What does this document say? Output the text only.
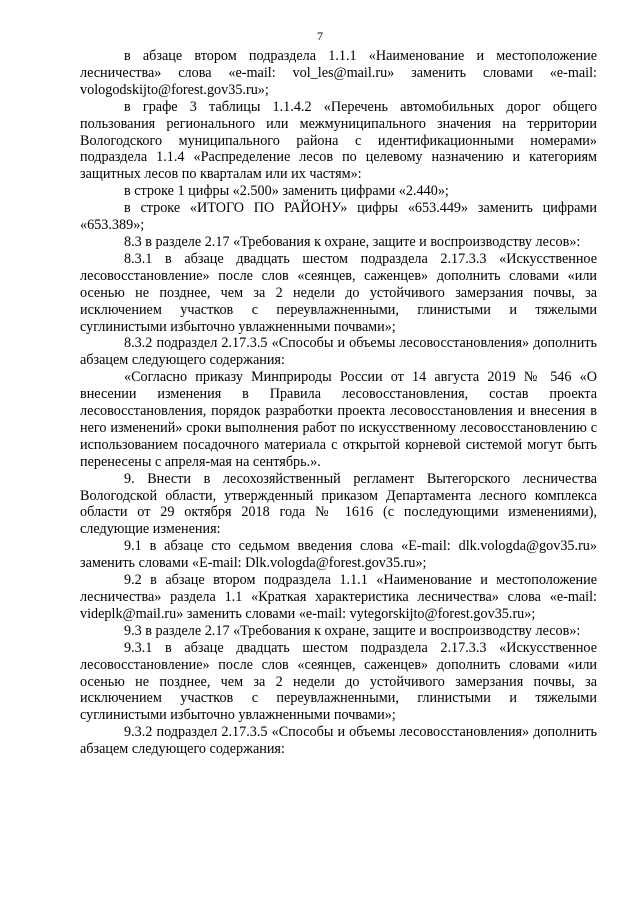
7

в абзаце втором подраздела 1.1.1 «Наименование и местоположение лесничества» слова «e-mail: vol_les@mail.ru» заменить словами «e-mail: vologodskijto@forest.gov35.ru»;

в графе 3 таблицы 1.1.4.2 «Перечень автомобильных дорог общего пользования регионального или межмуниципального значения на территории Вологодского муниципального района с идентификационными номерами» подраздела 1.1.4 «Распределение лесов по целевому назначению и категориям защитных лесов по кварталам или их частям»:

в строке 1 цифры «2.500» заменить цифрами «2.440»;

в строке «ИТОГО ПО РАЙОНУ» цифры «653.449» заменить цифрами «653.389»;

8.3 в разделе 2.17 «Требования к охране, защите и воспроизводству лесов»:

8.3.1 в абзаце двадцать шестом подраздела 2.17.3.3 «Искусственное лесовосстановление» после слов «сеянцев, саженцев» дополнить словами «или осенью не позднее, чем за 2 недели до устойчивого замерзания почвы, за исключением участков с переувлажненными, глинистыми и тяжелыми суглинистыми избыточно увлажненными почвами»;

8.3.2 подраздел 2.17.3.5 «Способы и объемы лесовосстановления» дополнить абзацем следующего содержания:

«Согласно приказу Минприроды России от 14 августа 2019 № 546 «О внесении изменения в Правила лесовосстановления, состав проекта лесовосстановления, порядок разработки проекта лесовосстановления и внесения в него изменений» сроки выполнения работ по искусственному лесовосстановлению с использованием посадочного материала с открытой корневой системой могут быть перенесены с апреля-мая на сентябрь.».

9. Внести в лесохозяйственный регламент Вытегорского лесничества Вологодской области, утвержденный приказом Департамента лесного комплекса области от 29 октября 2018 года № 1616 (с последующими изменениями), следующие изменения:

9.1 в абзаце сто седьмом введения слова «E-mail: dlk.vologda@gov35.ru» заменить словами «E-mail: Dlk.vologda@forest.gov35.ru»;

9.2 в абзаце втором подраздела 1.1.1 «Наименование и местоположение лесничества» раздела 1.1 «Краткая характеристика лесничества» слова «e-mail: videplk@mail.ru» заменить словами «e-mail: vytegorskijto@forest.gov35.ru»;

9.3 в разделе 2.17 «Требования к охране, защите и воспроизводству лесов»:

9.3.1 в абзаце двадцать шестом подраздела 2.17.3.3 «Искусственное лесовосстановление» после слов «сеянцев, саженцев» дополнить словами «или осенью не позднее, чем за 2 недели до устойчивого замерзания почвы, за исключением участков с переувлажненными, глинистыми и тяжелыми суглинистыми избыточно увлажненными почвами»;

9.3.2 подраздел 2.17.3.5 «Способы и объемы лесовосстановления» дополнить абзацем следующего содержания:
